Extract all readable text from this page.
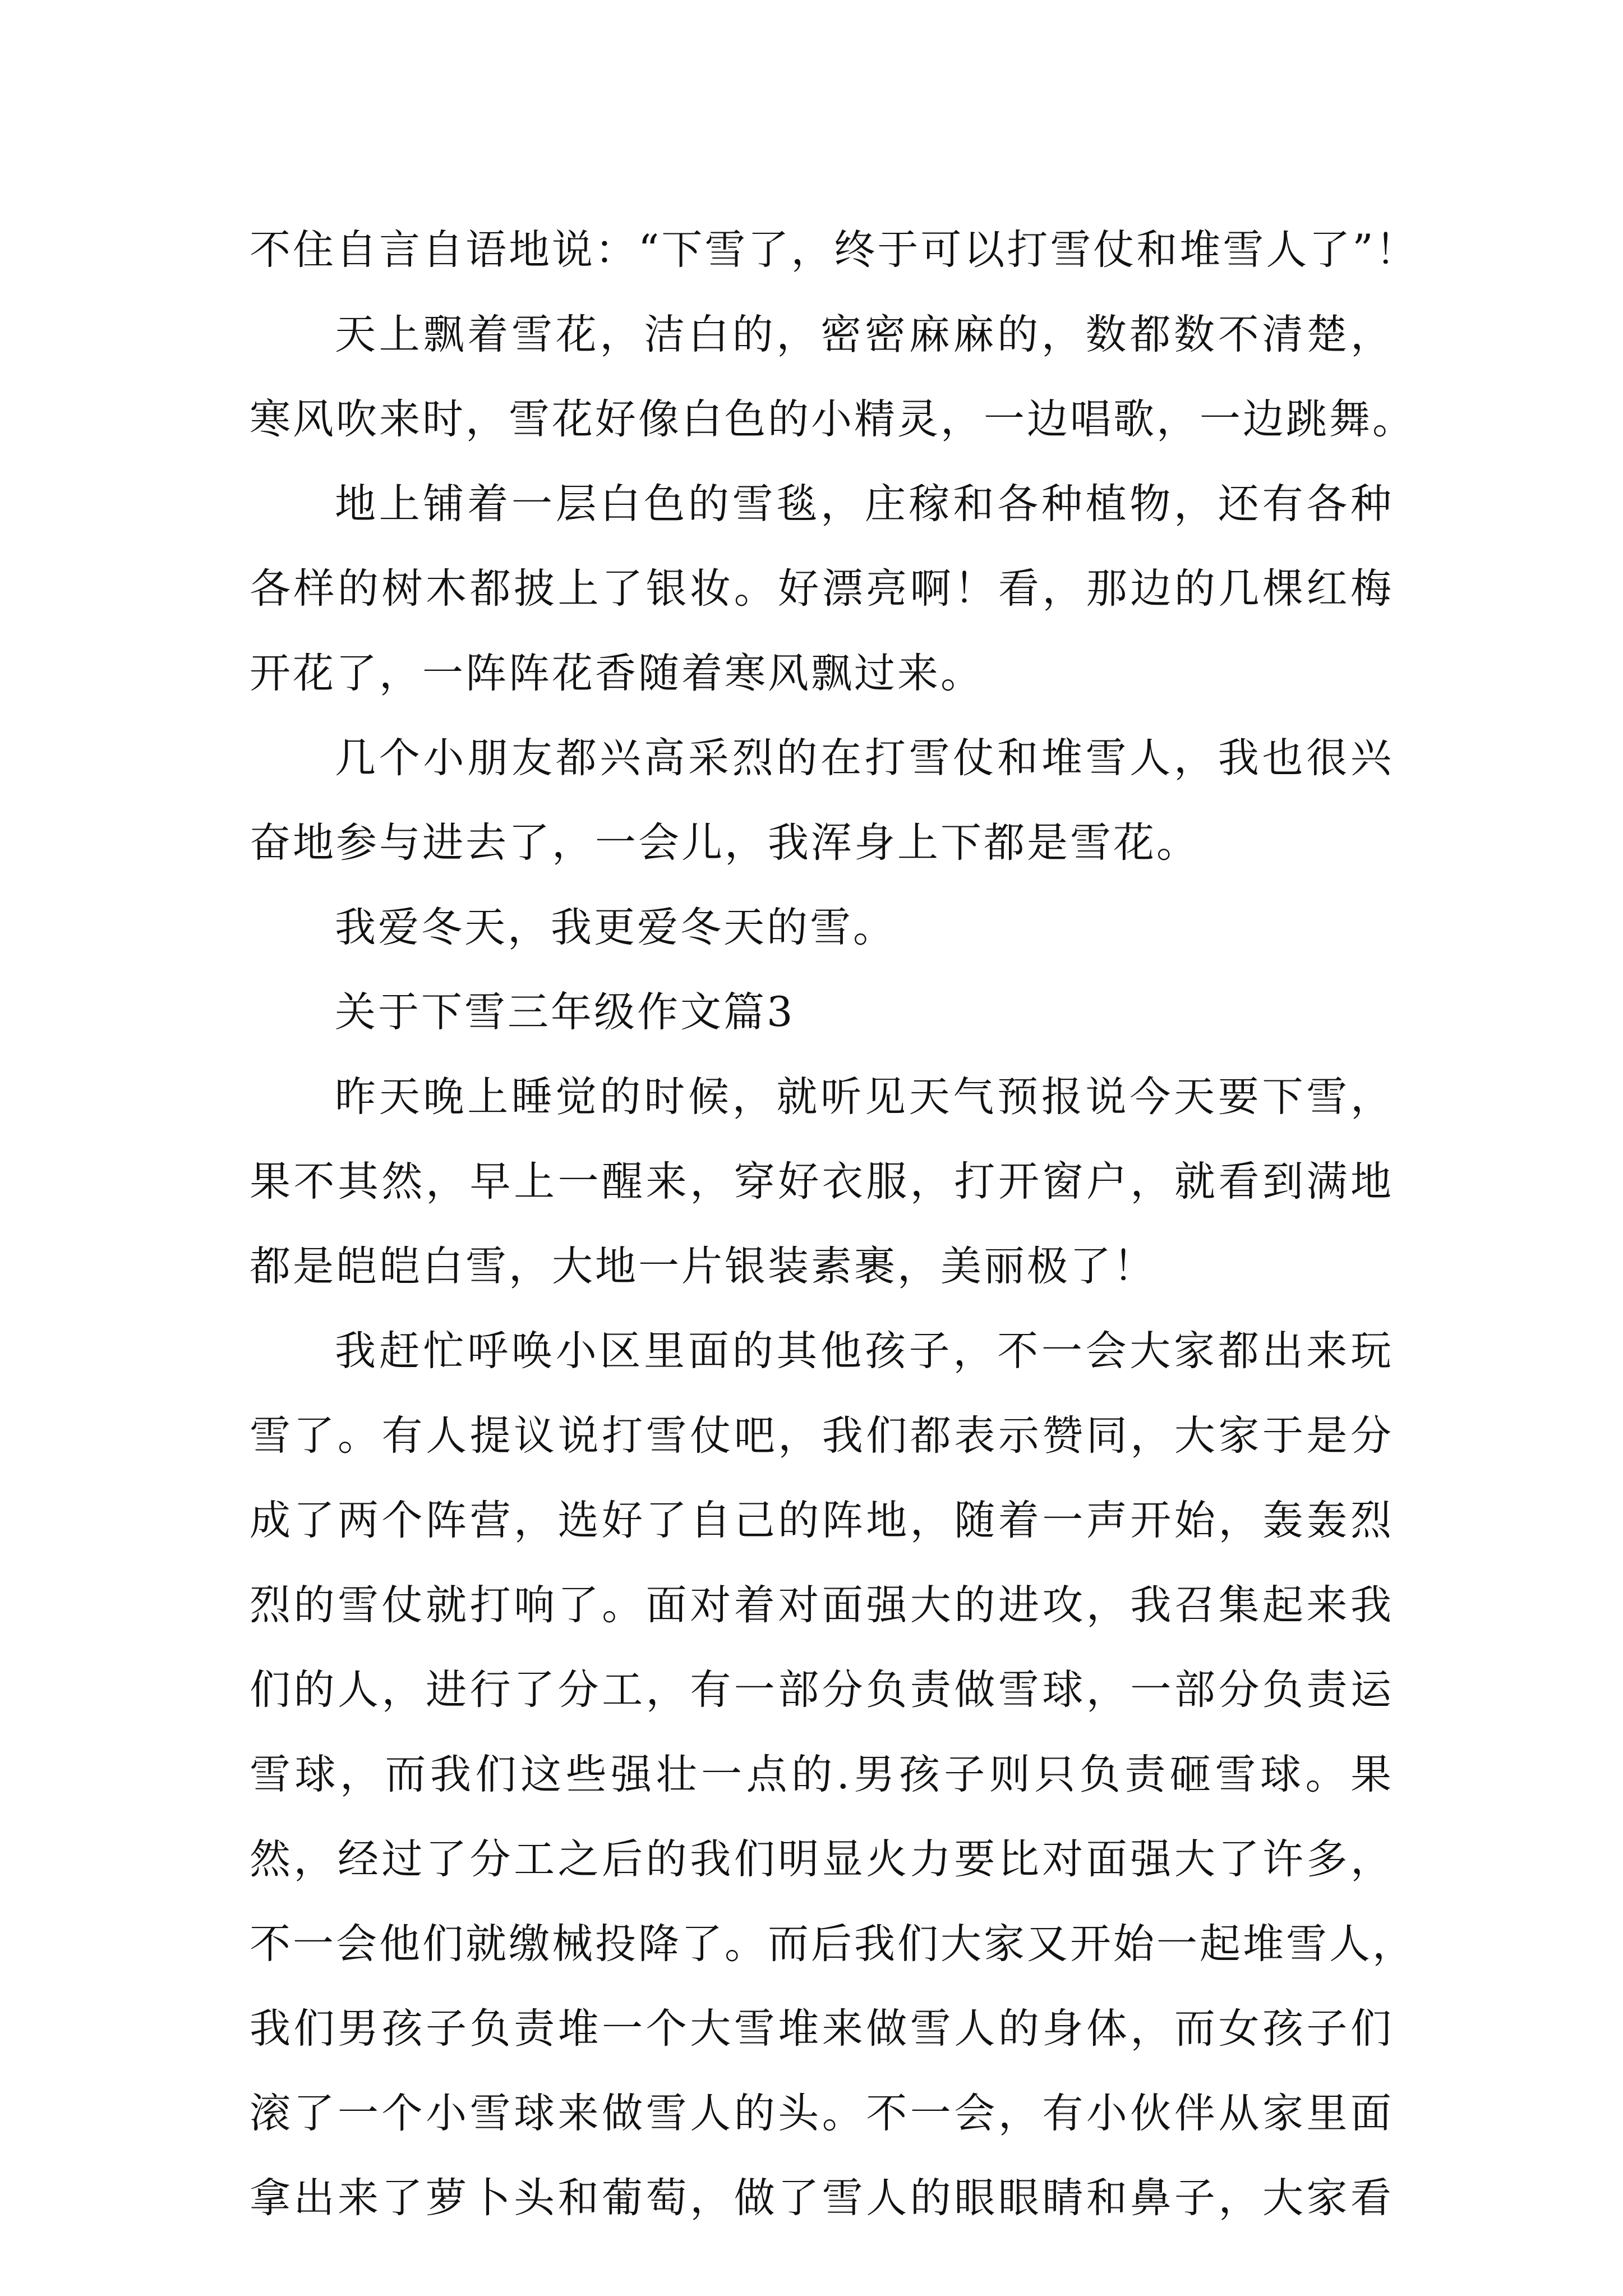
不住自言自语地说：“下雪了，终于可以打雪仗和堆雪人了”！
天上飘着雪花，洁白的，密密麻麻的，数都数不清楚，
寒风吹来时，雪花好像白色的小精灵，一边唱歌，一边跳舞。
地上铺着一层白色的雪毯，庄稼和各种植物，还有各种
各样的树木都披上了银妆。好漂亮啊！看，那边的几棵红梅
开花了，一阵阵花香随着寒风飘过来。
几个小朋友都兴高采烈的在打雪仗和堆雪人，我也很兴
奋地参与进去了，一会儿，我浑身上下都是雪花。
我爱冬天，我更爱冬天的雪。
关于下雪三年级作文篇3
昨天晚上睡觉的时候，就听见天气预报说今天要下雪，
果不其然，早上一醒来，穿好衣服，打开窗户，就看到满地
都是皑皑白雪，大地一片银装素裹，美丽极了！
我赶忙呼唤小区里面的其他孩子，不一会大家都出来玩
雪了。有人提议说打雪仗吧，我们都表示赞同，大家于是分
成了两个阵营，选好了自己的阵地，随着一声开始，轰轰烈
烈的雪仗就打响了。面对着对面强大的进攻，我召集起来我
们的人，进行了分工，有一部分负责做雪球，一部分负责运
雪球，而我们这些强壮一点的.男孩子则只负责砸雪球。果
然，经过了分工之后的我们明显火力要比对面强大了许多，
不一会他们就缴械投降了。而后我们大家又开始一起堆雪人，
我们男孩子负责堆一个大雪堆来做雪人的身体，而女孩子们
滚了一个小雪球来做雪人的头。不一会，有小伙伴从家里面
拿出来了萝卜头和葡萄，做了雪人的眼眼睛和鼻子，大家看
